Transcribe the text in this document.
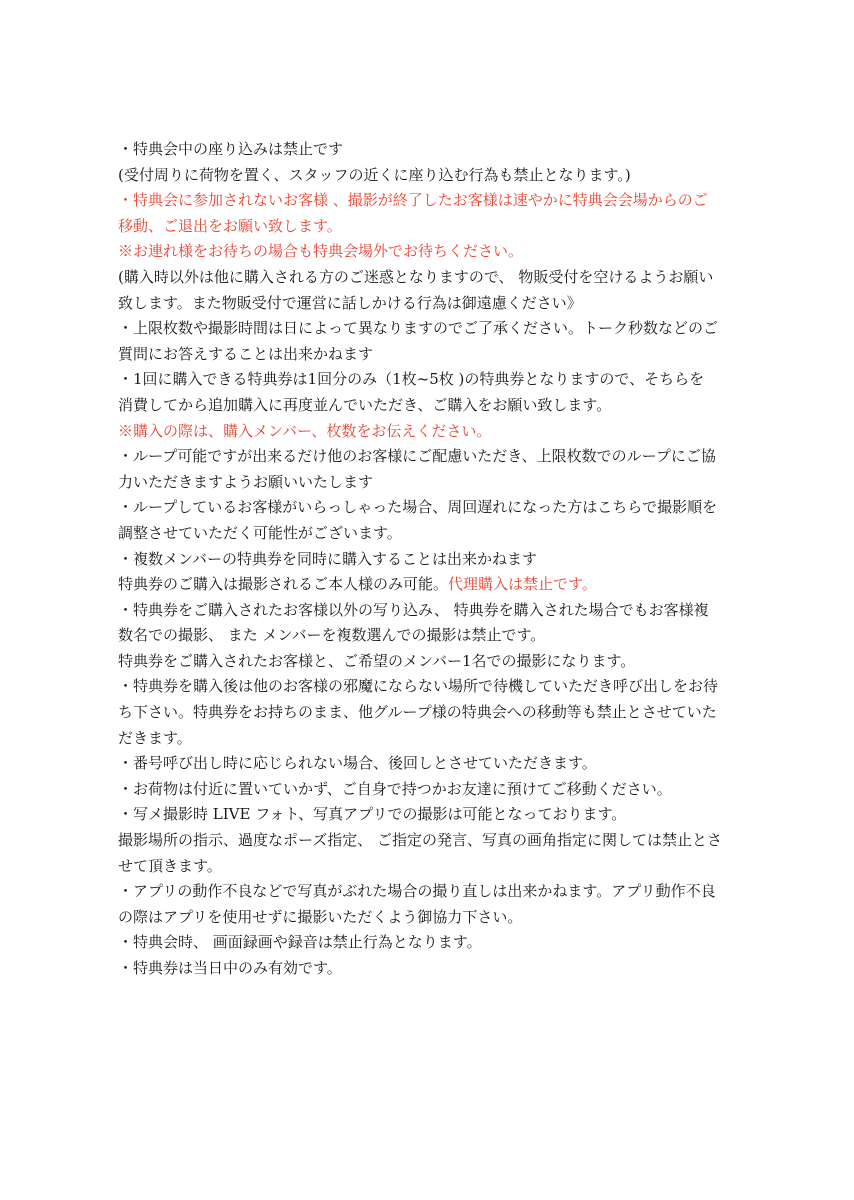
・特典会中の座り込みは禁止です
(受付周りに荷物を置く、スタッフの近くに座り込む行為も禁止となります。)
・特典会に参加されないお客様 、撮影が終了したお客様は速やかに特典会会場からのご
移動、ご退出をお願い致します。
※お連れ様をお待ちの場合も特典会場外でお待ちください。
(購入時以外は他に購入される方のご迷惑となりますので、 物販受付を空けるようお願い
致します。また物販受付で運営に話しかける行為は御遠慮ください》
・上限枚数や撮影時間は日によって異なりますのでご了承ください。トーク秒数などのご
質問にお答えすることは出来かねます
・1回に購入できる特典券は1回分のみ（1枚~5枚 )の特典券となりますので、そちらを
消費してから追加購入に再度並んでいただき、ご購入をお願い致します。
※購入の際は、購入メンバー、枚数をお伝えください。
・ループ可能ですが出来るだけ他のお客様にご配慮いただき、上限枚数でのループにご協
力いただきますようお願いいたします
・ループしているお客様がいらっしゃった場合、周回遅れになった方はこちらで撮影順を
調整させていただく可能性がございます。
・複数メンバーの特典券を同時に購入することは出来かねます
特典券のご購入は撮影されるご本人様のみ可能。代理購入は禁止です。
・特典券をご購入されたお客様以外の写り込み、 特典券を購入された場合でもお客様複
数名での撮影、 また メンバーを複数選んでの撮影は禁止です。
特典券をご購入されたお客様と、ご希望のメンバー1名での撮影になります。
・特典券を購入後は他のお客様の邪魔にならない場所で待機していただき呼び出しをお待
ち下さい。特典券をお持ちのまま、他グループ様の特典会への移動等も禁止とさせていた
だきます。
・番号呼び出し時に応じられない場合、後回しとさせていただきます。
・お荷物は付近に置いていかず、ご自身で持つかお友達に預けてご移動ください。
・写メ撮影時 LIVE フォト、写真アプリでの撮影は可能となっております。
撮影場所の指示、過度なポーズ指定、 ご指定の発言、写真の画角指定に関しては禁止とさ
せて頂きます。
・アプリの動作不良などで写真がぶれた場合の撮り直しは出来かねます。アプリ動作不良
の際はアプリを使用せずに撮影いただくよう御協力下さい。
・特典会時、 画面録画や録音は禁止行為となります。
・特典券は当日中のみ有効です。
